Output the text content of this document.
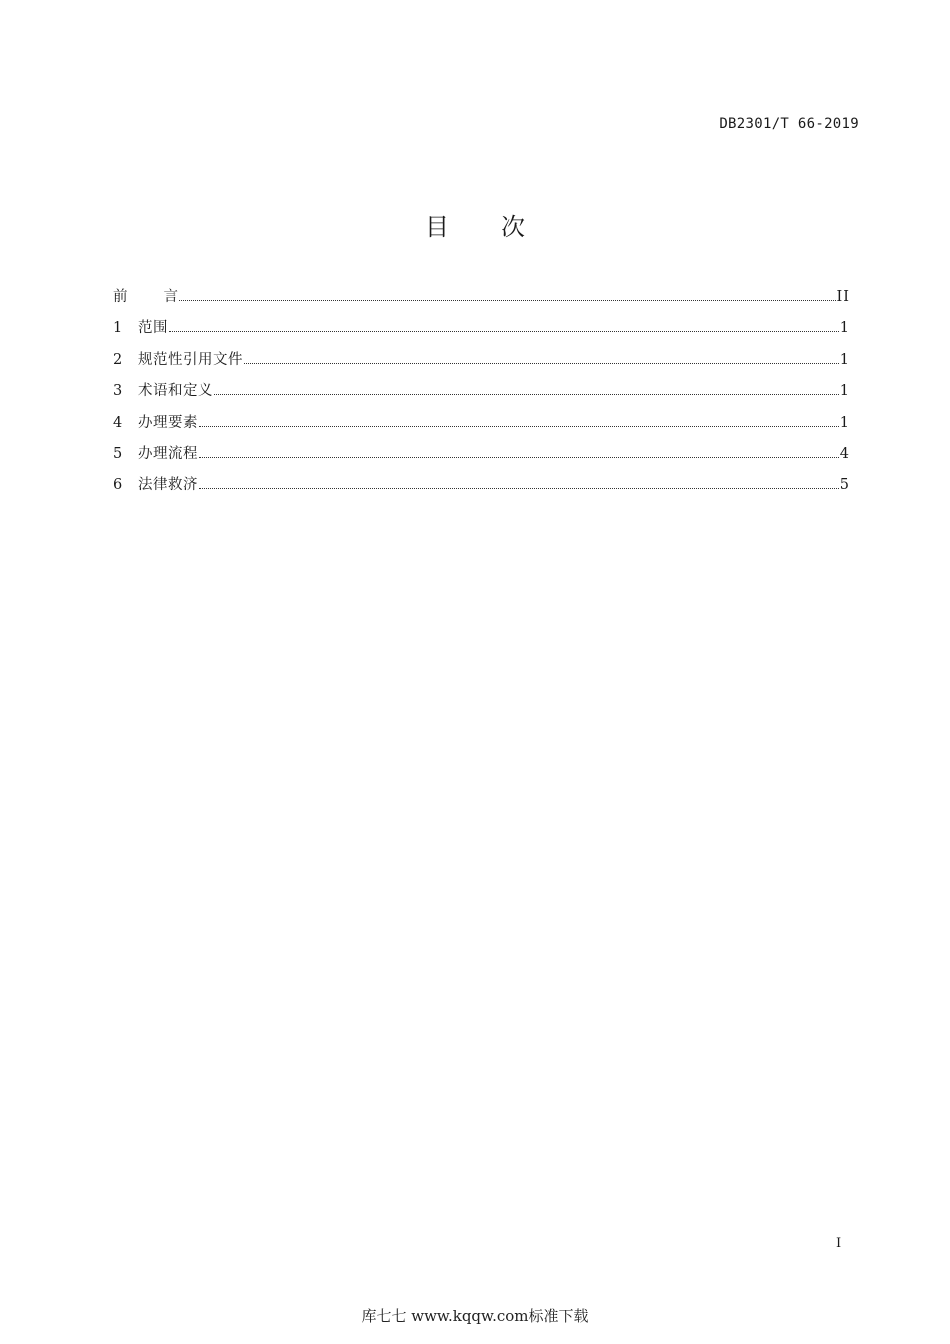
DB2301/T 66-2019
目 次
前 言	II
1	范围	1
2	规范性引用文件	1
3	术语和定义	1
4	办理要素	1
5	办理流程	4
6	法律救济	5
I
库七七 www.kqqw.com标准下载
